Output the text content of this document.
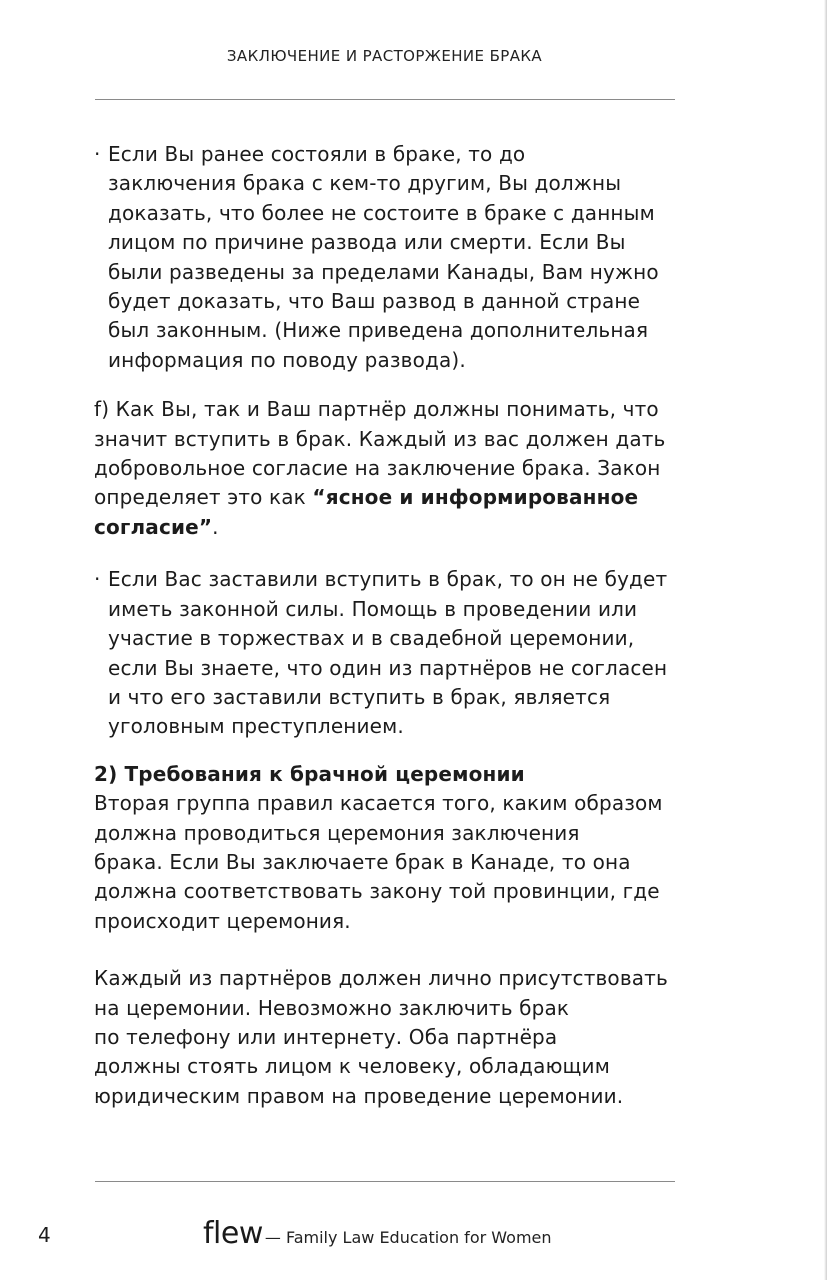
ЗАКЛЮЧЕНИЕ И РАСТОРЖЕНИЕ БРАКА
· Если Вы ранее состояли в браке, то до
заключения брака с кем-то другим, Вы должны
доказать, что более не состоите в браке с данным
лицом по причине развода или смерти. Если Вы
были разведены за пределами Канады, Вам нужно
будет доказать, что Ваш развод в данной стране
был законным. (Ниже приведена дополнительная
информация по поводу развода).
f) Как Вы, так и Ваш партнёр должны понимать, что
значит вступить в брак. Каждый из вас должен дать
добровольное согласие на заключение брака. Закон
определяет это как “ясное и информированное
согласие”.
· Если Вас заставили вступить в брак, то он не будет
иметь законной силы. Помощь в проведении или
участие в торжествах и в свадебной церемонии,
если Вы знаете, что один из партнёров не согласен
и что его заставили вступить в брак, является
уголовным преступлением.
2) Требования к брачной церемонии
Вторая группа правил касается того, каким образом
должна проводиться церемония заключения
брака. Если Вы заключаете брак в Канаде, то она
должна соответствовать закону той провинции, где
происходит церемония.
Каждый из партнёров должен лично присутствовать
на церемонии. Невозможно заключить брак
по телефону или интернету. Оба партнёра
должны стоять лицом к человеку, обладающим
юридическим правом на проведение церемонии.
4	flew — Family Law Education for Women
